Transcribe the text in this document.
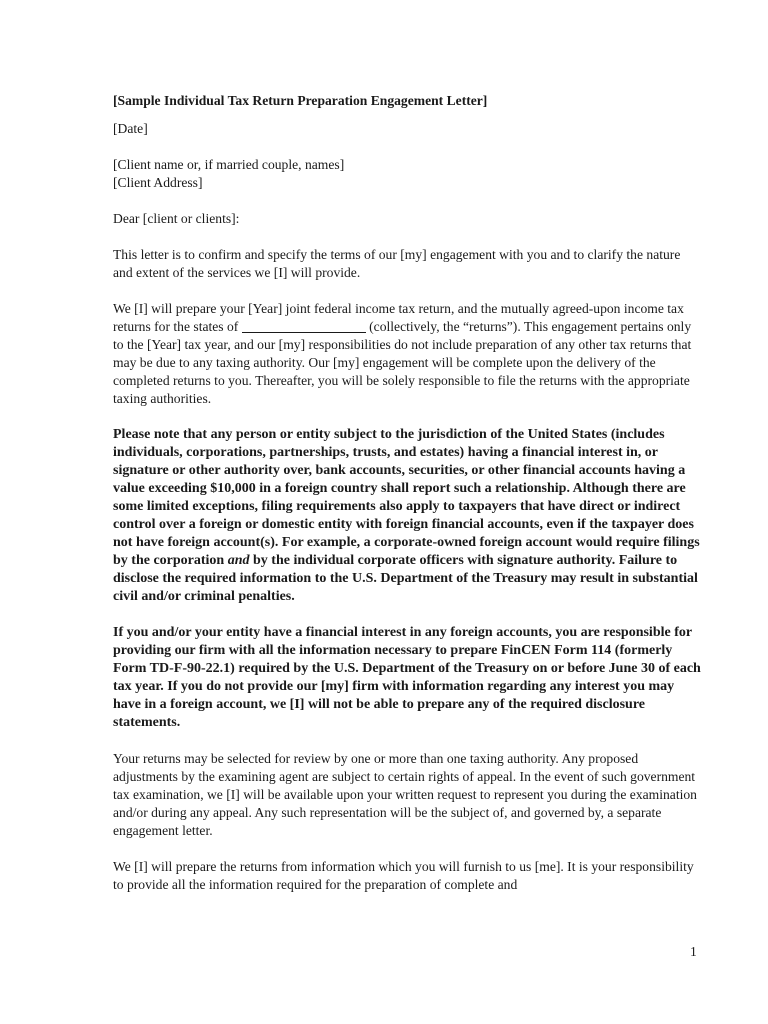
[Sample Individual Tax Return Preparation Engagement Letter]

[Date]

[Client name or, if married couple, names]

[Client Address]

Dear [client or clients]:

This letter is to confirm and specify the terms of our [my] engagement with you and to clarify the nature and extent of the services we [I] will provide.

We [I] will prepare your [Year] joint federal income tax return, and the mutually agreed-upon income tax returns for the states of	(collectively, the “returns”). This engagement pertains only to the [Year] tax year, and our [my] responsibilities do not include preparation of any other tax returns that may be due to any taxing authority. Our [my] engagement will be complete upon the delivery of the completed returns to you. Thereafter, you will be solely responsible to file the returns with the appropriate taxing authorities.

Please note that any person or entity subject to the jurisdiction of the United States (includes individuals, corporations, partnerships, trusts, and estates) having a financial interest in, or signature or other authority over, bank accounts, securities, or other financial accounts having a value exceeding $10,000 in a foreign country shall report such a relationship. Although there are some limited exceptions, filing requirements also apply to taxpayers that have direct or indirect control over a foreign or domestic entity with foreign financial accounts, even if the taxpayer does not have foreign account(s). For example, a corporate-owned foreign account would require filings by the corporation and by the individual corporate officers with signature authority. Failure to disclose the required information to the U.S. Department of the Treasury may result in substantial civil and/or criminal penalties.

If you and/or your entity have a financial interest in any foreign accounts, you are responsible for providing our firm with all the information necessary to prepare FinCEN Form 114 (formerly Form TD-F-90-22.1) required by the U.S. Department of the Treasury on or before June 30 of each tax year. If you do not provide our [my] firm with information regarding any interest you may have in a foreign account, we [I] will not be able to prepare any of the required disclosure statements.

Your returns may be selected for review by one or more than one taxing authority. Any proposed adjustments by the examining agent are subject to certain rights of appeal. In the event of such government tax examination, we [I] will be available upon your written request to represent you during the examination and/or during any appeal. Any such representation will be the subject of, and governed by, a separate engagement letter.

We [I] will prepare the returns from information which you will furnish to us [me]. It is your responsibility to provide all the information required for the preparation of complete and

1
